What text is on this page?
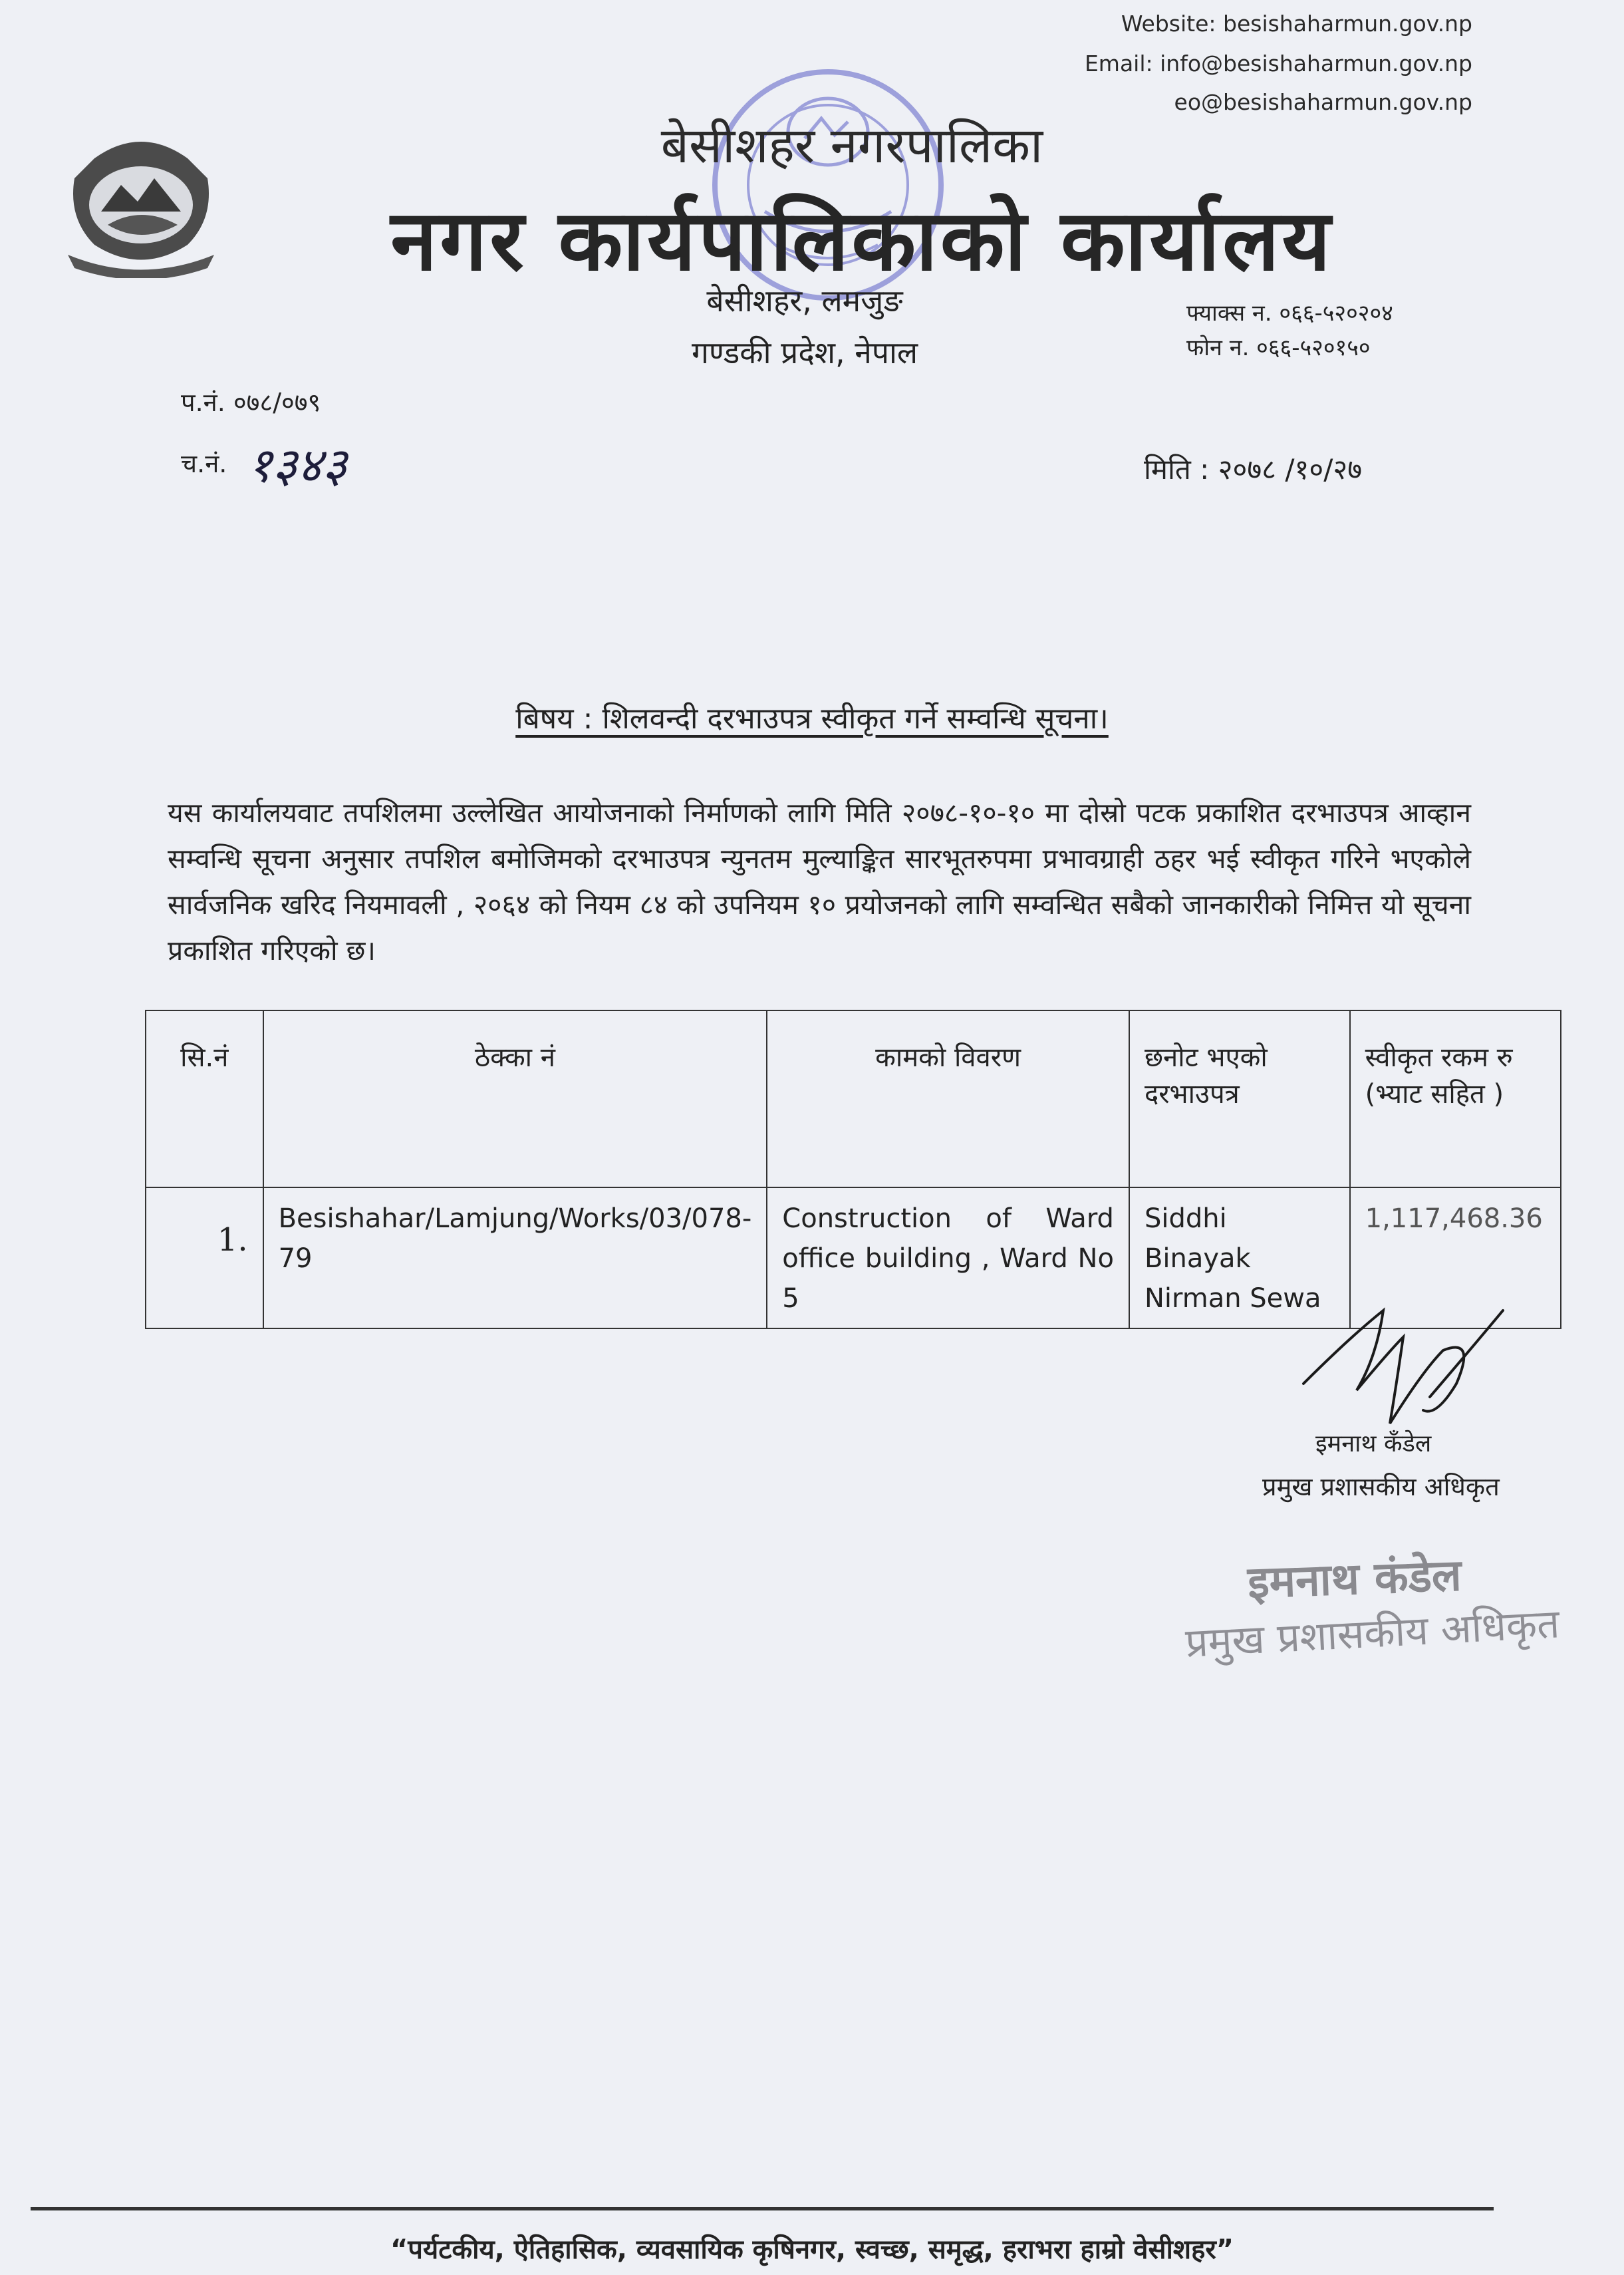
Website: besishaharmun.gov.np
Email: info@besishaharmun.gov.np
eo@besishaharmun.gov.np
बेसीशहर नगरपालिका
नगर कार्यपालिकाको कार्यालय
बेसीशहर, लमजुङ
गण्डकी प्रदेश, नेपाल
फ्याक्स न. ०६६-५२०२०४
फोन न. ०६६-५२०१५०
प.नं. ०७८/०७९
च.नं. १३४३	मिति : २०७८ /१०/२७
बिषय : शिलवन्दी दरभाउपत्र स्वीकृत गर्ने सम्वन्धि सूचना।
यस कार्यालयवाट तपशिलमा उल्लेखित आयोजनाको निर्माणको लागि मिति २०७८-१०-१० मा दोस्रो पटक प्रकाशित दरभाउपत्र आव्हान सम्वन्धि सूचना अनुसार तपशिल बमोजिमको दरभाउपत्र न्युनतम मुल्याङ्कित सारभूतरुपमा प्रभावग्राही ठहर भई स्वीकृत गरिने भएकोले सार्वजनिक खरिद नियमावली , २०६४ को नियम ८४ को उपनियम १० प्रयोजनको लागि सम्वन्धित सबैको जानकारीको निमित्त यो सूचना प्रकाशित गरिएको छ।
सि.नं	ठेक्का नं	कामको विवरण	छनोट भएको दरभाउपत्र	स्वीकृत रकम रु (भ्याट सहित )
1.	Besishahar/Lamjung/Works/03/078-79	Construction of Ward office building , Ward No 5	Siddhi Binayak Nirman Sewa	1,117,468.36
इमनाथ कँडेल
प्रमुख प्रशासकीय अधिकृत
इमनाथ कंडेल
प्रमुख प्रशासकीय अधिकृत
“पर्यटकीय, ऐतिहासिक, व्यवसायिक कृषिनगर, स्वच्छ, समृद्ध, हराभरा हाम्रो वेसीशहर”
